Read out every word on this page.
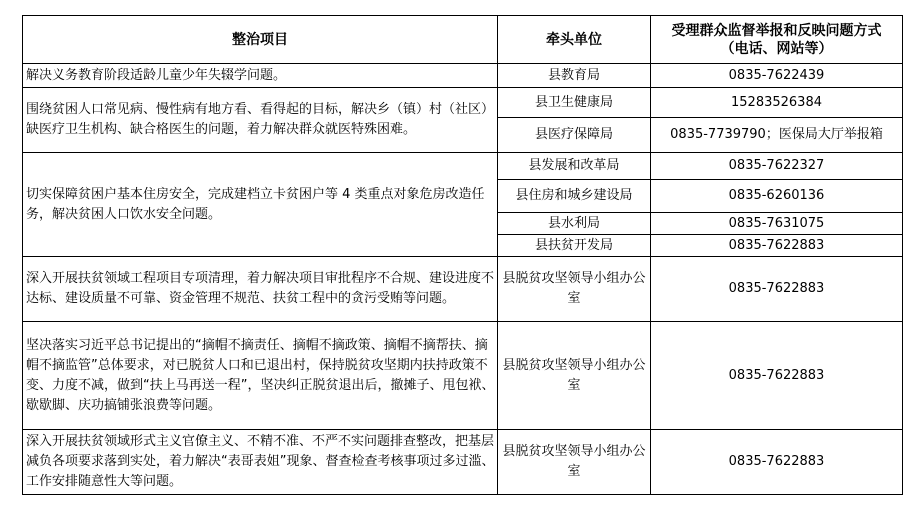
整治项目	牵头单位	受理群众监督举报和反映问题方式
（电话、网站等）
解决义务教育阶段适龄儿童少年失辍学问题。	县教育局	0835-7622439
围绕贫困人口常见病、慢性病有地方看、看得起的目标，解决乡（镇）村（社区）缺医疗卫生机构、缺合格医生的问题，着力解决群众就医特殊困难。	县卫生健康局	15283526384
	县医疗保障局	0835-7739790；医保局大厅举报箱
切实保障贫困户基本住房安全，完成建档立卡贫困户等 4 类重点对象危房改造任务，解决贫困人口饮水安全问题。	县发展和改革局	0835-7622327
	县住房和城乡建设局	0835-6260136
	县水利局	0835-7631075
	县扶贫开发局	0835-7622883
深入开展扶贫领域工程项目专项清理，着力解决项目审批程序不合规、建设进度不达标、建设质量不可靠、资金管理不规范、扶贫工程中的贪污受贿等问题。	县脱贫攻坚领导小组办公室	0835-7622883
坚决落实习近平总书记提出的“摘帽不摘责任、摘帽不摘政策、摘帽不摘帮扶、摘帽不摘监管”总体要求，对已脱贫人口和已退出村，保持脱贫攻坚期内扶持政策不变、力度不减，做到“扶上马再送一程”，坚决纠正脱贫退出后，撤摊子、甩包袱、歇歇脚、庆功搞铺张浪费等问题。	县脱贫攻坚领导小组办公室	0835-7622883
深入开展扶贫领域形式主义官僚主义、不精不准、不严不实问题排查整改，把基层减负各项要求落到实处，着力解决“表哥表姐”现象、督查检查考核事项过多过滥、工作安排随意性大等问题。	县脱贫攻坚领导小组办公室	0835-7622883
